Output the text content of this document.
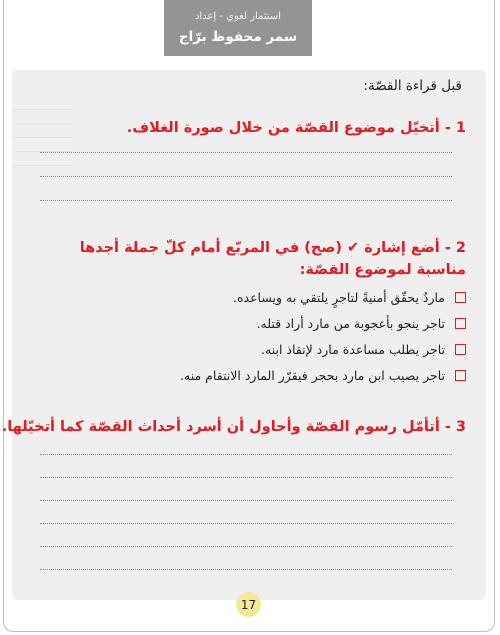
استثمار لغوي - إعداد
سمر محفوظ برّاج
قبل قراءة القصّة:

1 - أتخيّل موضوع القصّة من خلال صورة الغلاف.

2 - أضع إشارة ✔ (صح) في المربّع أمام كلّ جملة أجدها مناسبة لموضوع القصّة:

ماردٌ يحقّق أمنيةً لتاجرٍ يلتقي به ويساعده.
تاجر ينجو بأعجوبة من مارد أراد قتله.
تاجر يطلب مساعدة مارد لإنقاذ ابنه.
تاجر يصيب ابن مارد بحجر فيقرّر المارد الانتقام منه.

3 - أتأمّل رسوم القصّة وأحاول أن أسرد أحداث القصّة كما أتخيّلها.

17
